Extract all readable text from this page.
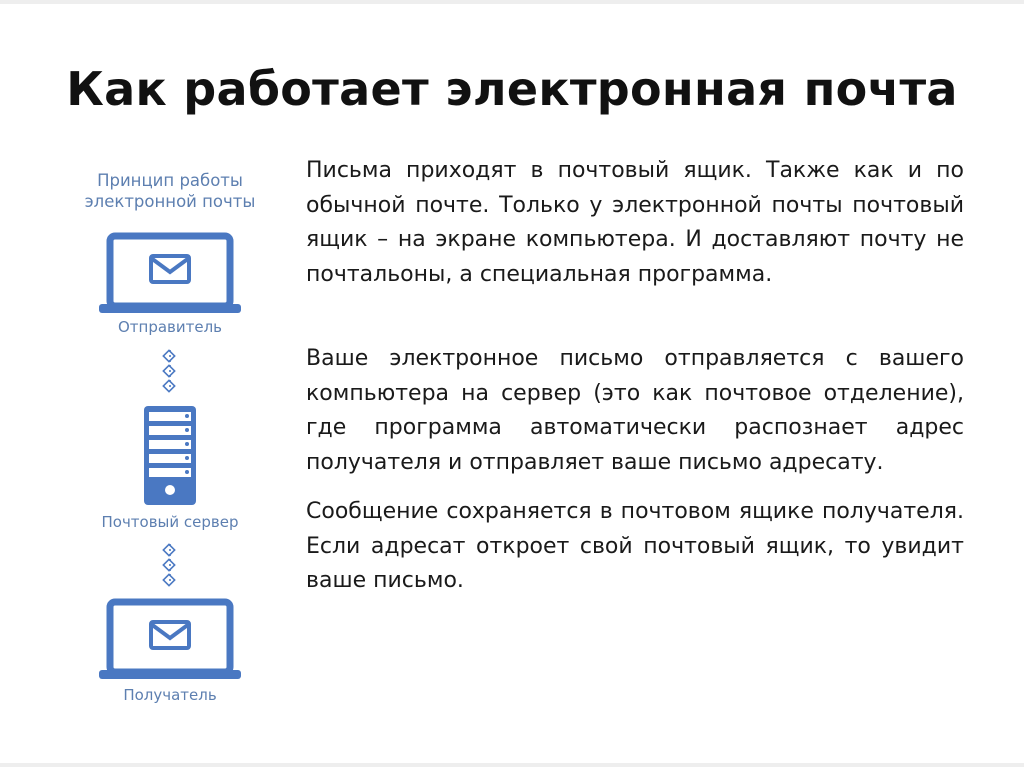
Как работает электронная почта
Принцип работы
электронной почты
Отправитель
Почтовый сервер
Получатель

Письма приходят в почтовый ящик. Также как и по обычной почте. Только у электронной почты почтовый ящик – на экране компьютера. И доставляют почту не почтальоны, а специальная программа.

Ваше электронное письмо отправляется с вашего компьютера на сервер (это как почтовое отделение), где программа автоматически распознает адрес получателя и отправляет ваше письмо адресату.

Сообщение сохраняется в почтовом ящике получателя. Если адресат откроет свой почтовый ящик, то увидит ваше письмо.
